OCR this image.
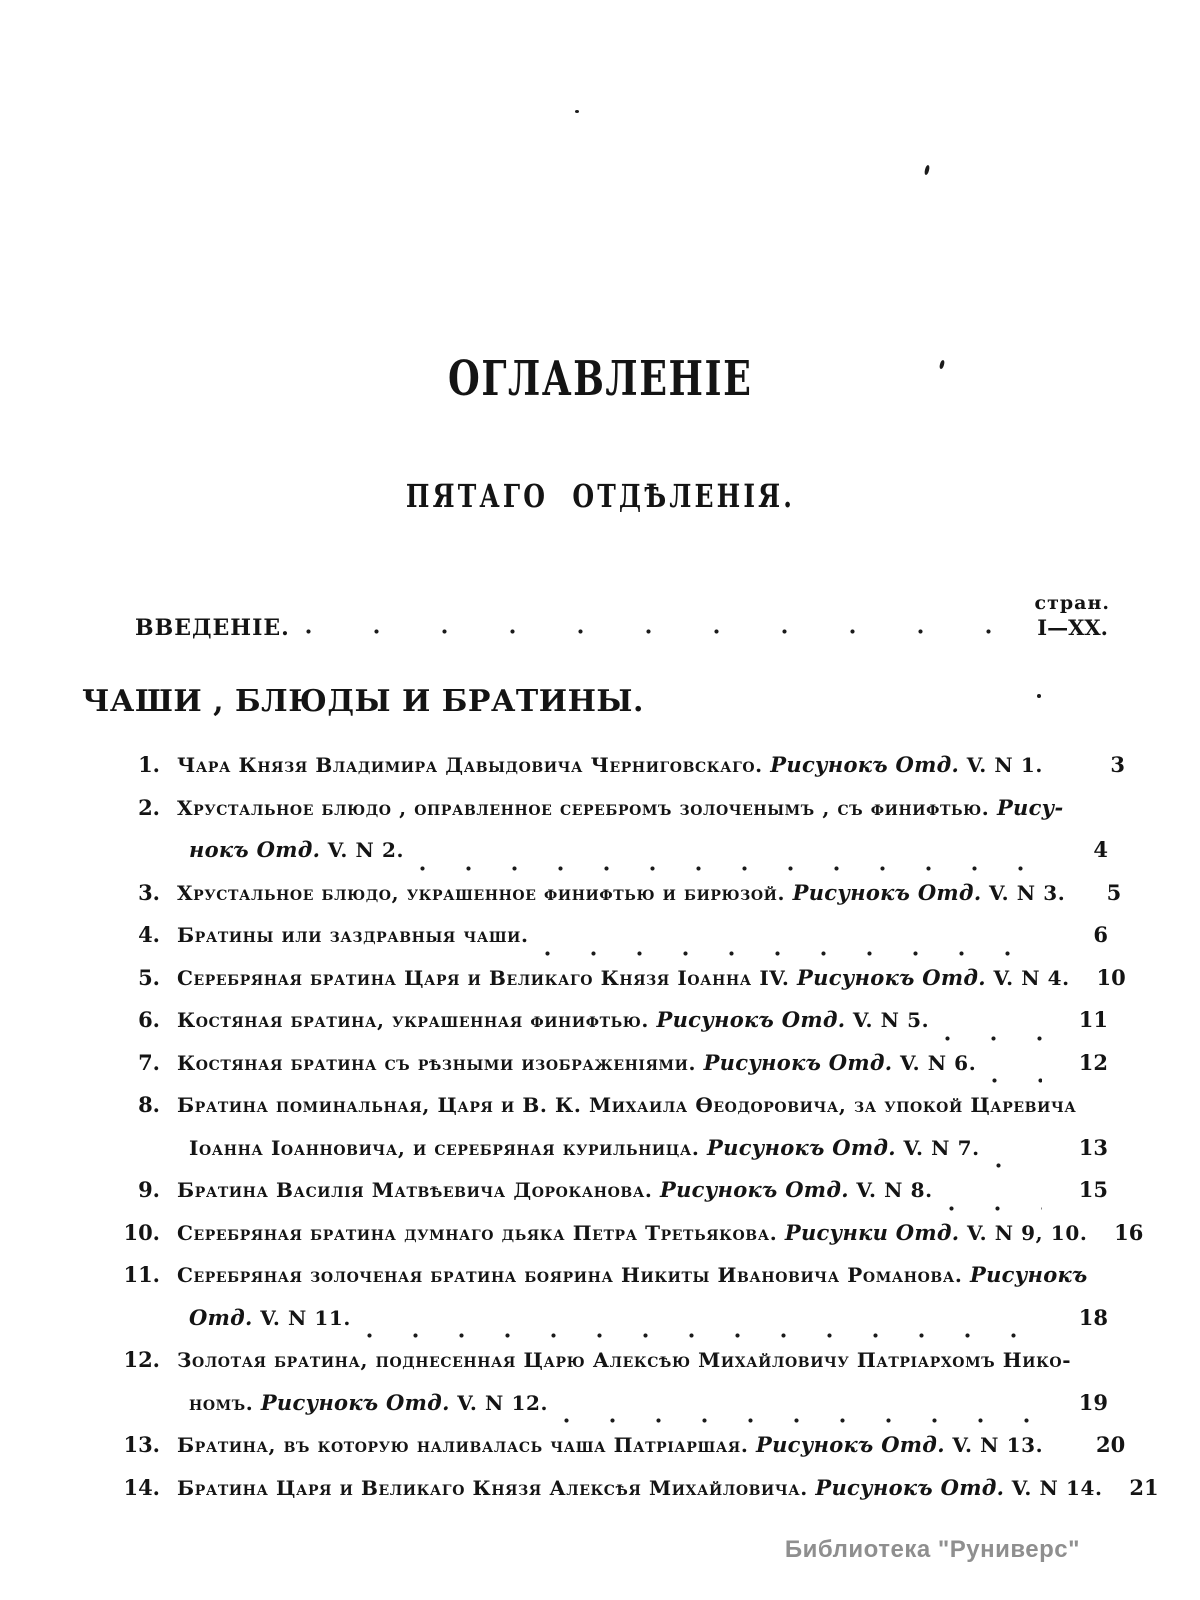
ОГЛАВЛЕНІЕ
ПЯТАГО ОТДѢЛЕНІЯ.
стран.
ВВЕДЕНІЕ.	I—XX.
ЧАШИ , БЛЮДЫ И БРАТИНЫ.
1. Чара Князя Владимира Давыдовича Черниговскаго. Рисунокъ Отд. V. N 1.	3
2. Хрустальное блюдо , оправленное серебромъ золоченымъ , съ финифтью. Рису-
нокъ Отд. V. N 2.	4
3. Хрустальное блюдо, украшенное финифтью и бирюзой. Рисунокъ Отд. V. N 3.	5
4. Братины или заздравныя чаши.	6
5. Серебряная братина Царя и Великаго Князя Іоанна IV. Рисунокъ Отд. V. N 4.	10
6. Костяная братина, украшенная финифтью. Рисунокъ Отд. V. N 5.	11
7. Костяная братина съ рѣзными изображеніями. Рисунокъ Отд. V. N 6.	12
8. Братина поминальная, Царя и В. К. Михаила Ѳеодоровича, за упокой Царевича
Іоанна Іоанновича, и серебряная курильница. Рисунокъ Отд. V. N 7.	13
9. Братина Василія Матвѣевича Дороканова. Рисунокъ Отд. V. N 8.	15
10. Серебряная братина думнаго дьяка Петра Третьякова. Рисунки Отд. V. N 9, 10.	16
11. Серебряная золоченая братина боярина Никиты Ивановича Романова. Рисунокъ
Отд. V. N 11.	18
12. Золотая братина, поднесенная Царю Алексѣю Михайловичу Патріархомъ Нико-
номъ. Рисунокъ Отд. V. N 12.	19
13. Братина, въ которую наливалась чаша Патріаршая. Рисунокъ Отд. V. N 13.	20
14. Братина Царя и Великаго Князя Алексѣя Михайловича. Рисунокъ Отд. V. N 14.	21
Библиотека "Руниверс"
